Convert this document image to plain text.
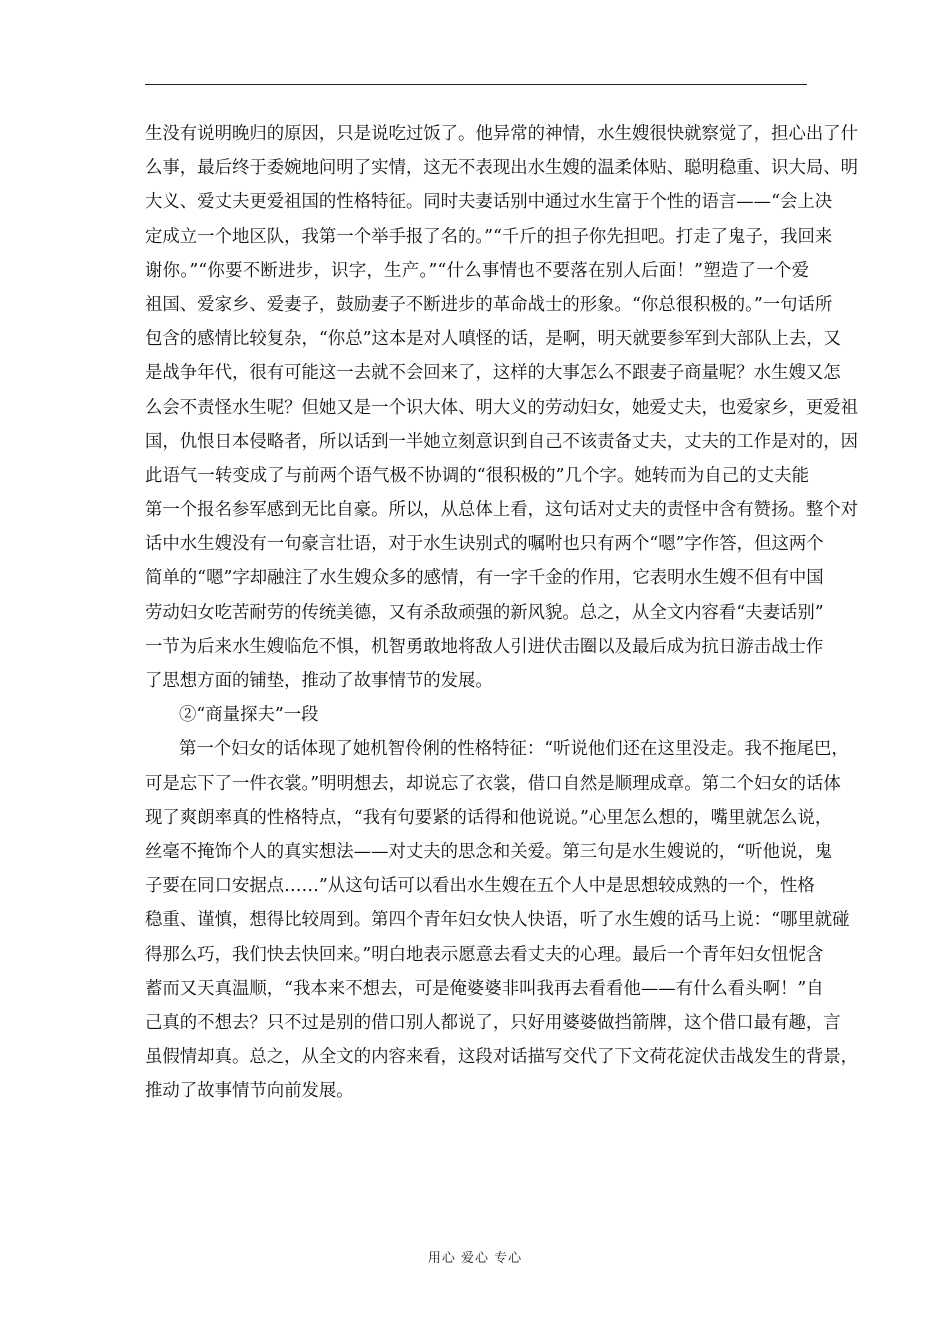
生没有说明晚归的原因，只是说吃过饭了。他异常的神情，水生嫂很快就察觉了，担心出了什
么事，最后终于委婉地问明了实情，这无不表现出水生嫂的温柔体贴、聪明稳重、识大局、明
大义、爱丈夫更爱祖国的性格特征。同时夫妻话别中通过水生富于个性的语言——“会上决
定成立一个地区队，我第一个举手报了名的。”“千斤的担子你先担吧。打走了鬼子，我回来
谢你。”“你要不断进步，识字，生产。”“什么事情也不要落在别人后面！”塑造了一个爱
祖国、爱家乡、爱妻子，鼓励妻子不断进步的革命战士的形象。“你总很积极的。”一句话所
包含的感情比较复杂，“你总”这本是对人嗔怪的话，是啊，明天就要参军到大部队上去，又
是战争年代，很有可能这一去就不会回来了，这样的大事怎么不跟妻子商量呢？水生嫂又怎
么会不责怪水生呢？但她又是一个识大体、明大义的劳动妇女，她爱丈夫，也爱家乡，更爱祖
国，仇恨日本侵略者，所以话到一半她立刻意识到自己不该责备丈夫，丈夫的工作是对的，因
此语气一转变成了与前两个语气极不协调的“很积极的”几个字。她转而为自己的丈夫能
第一个报名参军感到无比自豪。所以，从总体上看，这句话对丈夫的责怪中含有赞扬。整个对
话中水生嫂没有一句豪言壮语，对于水生诀别式的嘱咐也只有两个“嗯”字作答，但这两个
简单的“嗯”字却融注了水生嫂众多的感情，有一字千金的作用，它表明水生嫂不但有中国
劳动妇女吃苦耐劳的传统美德，又有杀敌顽强的新风貌。总之，从全文内容看“夫妻话别”
一节为后来水生嫂临危不惧，机智勇敢地将敌人引进伏击圈以及最后成为抗日游击战士作
了思想方面的铺垫，推动了故事情节的发展。
②“商量探夫”一段
第一个妇女的话体现了她机智伶俐的性格特征：“听说他们还在这里没走。我不拖尾巴，
可是忘下了一件衣裳。”明明想去，却说忘了衣裳，借口自然是顺理成章。第二个妇女的话体
现了爽朗率真的性格特点，“我有句要紧的话得和他说说。”心里怎么想的，嘴里就怎么说，
丝毫不掩饰个人的真实想法——对丈夫的思念和关爱。第三句是水生嫂说的，“听他说，鬼
子要在同口安据点……”从这句话可以看出水生嫂在五个人中是思想较成熟的一个，性格
稳重、谨慎，想得比较周到。第四个青年妇女快人快语，听了水生嫂的话马上说：“哪里就碰
得那么巧，我们快去快回来。”明白地表示愿意去看丈夫的心理。最后一个青年妇女忸怩含
蓄而又天真温顺，“我本来不想去，可是俺婆婆非叫我再去看看他——有什么看头啊！”自
己真的不想去？只不过是别的借口别人都说了，只好用婆婆做挡箭牌，这个借口最有趣，言
虽假情却真。总之，从全文的内容来看，这段对话描写交代了下文荷花淀伏击战发生的背景，
推动了故事情节向前发展。
用心 爱心 专心
